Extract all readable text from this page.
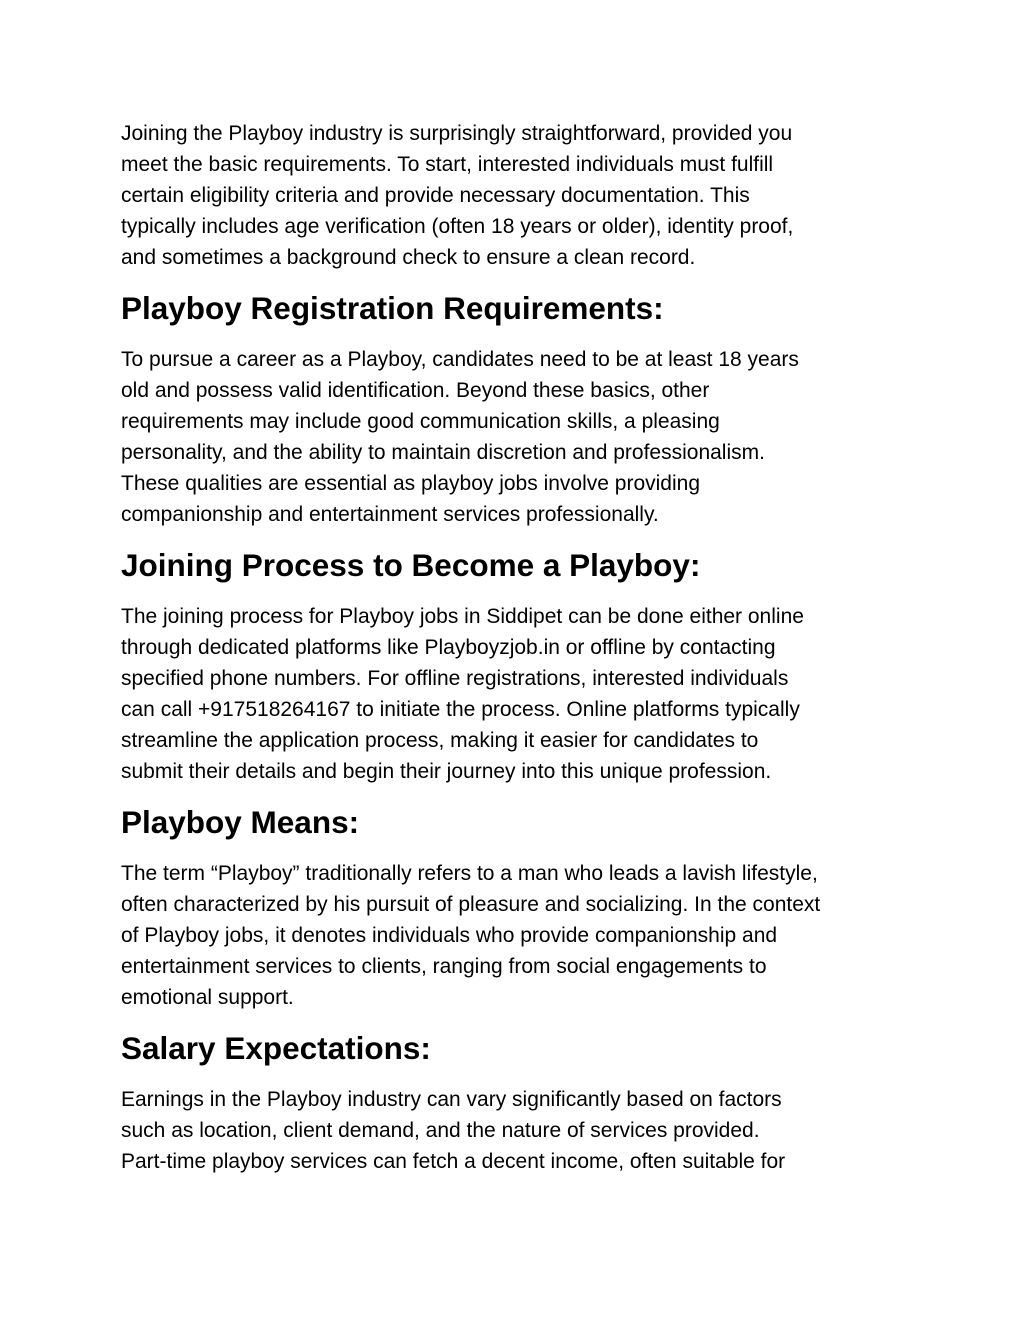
Joining the Playboy industry is surprisingly straightforward, provided you
meet the basic requirements. To start, interested individuals must fulfill
certain eligibility criteria and provide necessary documentation. This
typically includes age verification (often 18 years or older), identity proof,
and sometimes a background check to ensure a clean record.

Playboy Registration Requirements:

To pursue a career as a Playboy, candidates need to be at least 18 years
old and possess valid identification. Beyond these basics, other
requirements may include good communication skills, a pleasing
personality, and the ability to maintain discretion and professionalism.
These qualities are essential as playboy jobs involve providing
companionship and entertainment services professionally.

Joining Process to Become a Playboy:

The joining process for Playboy jobs in Siddipet can be done either online
through dedicated platforms like Playboyzjob.in or offline by contacting
specified phone numbers. For offline registrations, interested individuals
can call +917518264167 to initiate the process. Online platforms typically
streamline the application process, making it easier for candidates to
submit their details and begin their journey into this unique profession.

Playboy Means:

The term “Playboy” traditionally refers to a man who leads a lavish lifestyle,
often characterized by his pursuit of pleasure and socializing. In the context
of Playboy jobs, it denotes individuals who provide companionship and
entertainment services to clients, ranging from social engagements to
emotional support.

Salary Expectations:

Earnings in the Playboy industry can vary significantly based on factors
such as location, client demand, and the nature of services provided.
Part-time playboy services can fetch a decent income, often suitable for
